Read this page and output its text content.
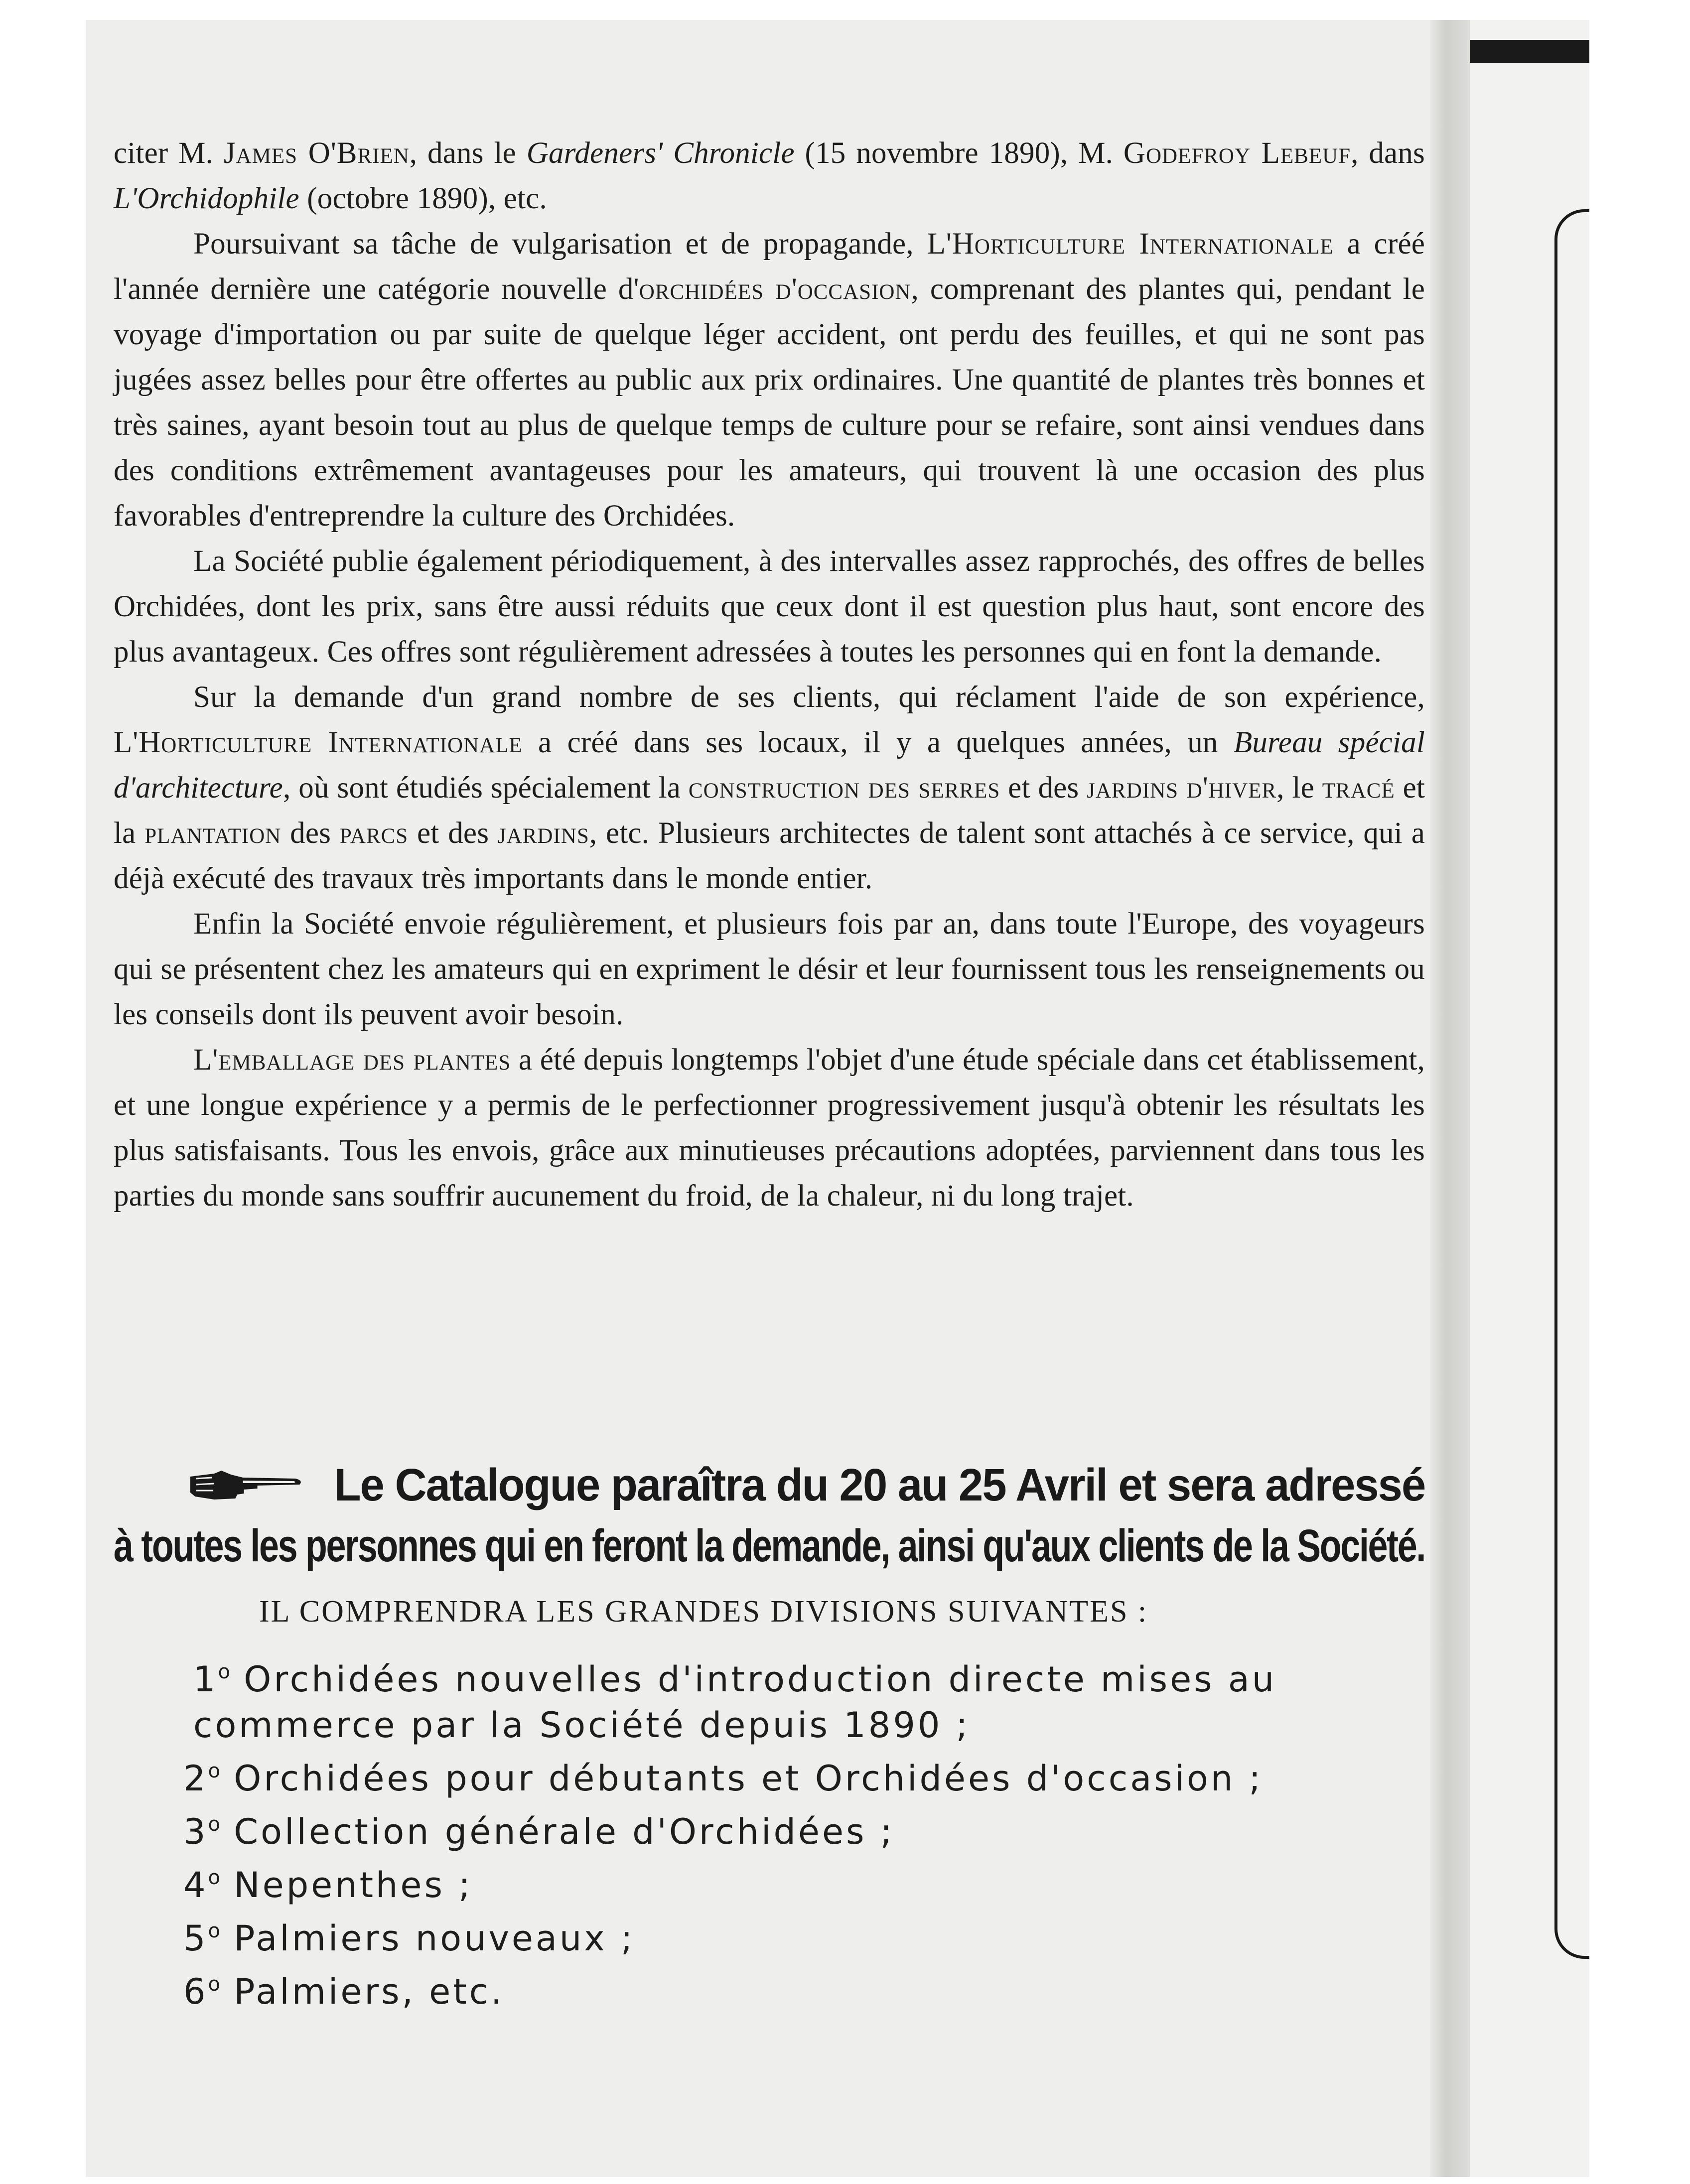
citer M. James O'Brien, dans le Gardeners' Chronicle (15 novembre 1890), M. Godefroy Lebeuf, dans L'Orchidophile (octobre 1890), etc.

Poursuivant sa tâche de vulgarisation et de propagande, L'Horticulture Internationale a créé l'année dernière une catégorie nouvelle d'orchidées d'occasion, comprenant des plantes qui, pendant le voyage d'importation ou par suite de quelque léger accident, ont perdu des feuilles, et qui ne sont pas jugées assez belles pour être offertes au public aux prix ordinaires. Une quantité de plantes très bonnes et très saines, ayant besoin tout au plus de quelque temps de culture pour se refaire, sont ainsi vendues dans des conditions extrêmement avantageuses pour les amateurs, qui trouvent là une occasion des plus favorables d'entreprendre la culture des Orchidées.

La Société publie également périodiquement, à des intervalles assez rapprochés, des offres de belles Orchidées, dont les prix, sans être aussi réduits que ceux dont il est question plus haut, sont encore des plus avantageux. Ces offres sont régulièrement adressées à toutes les personnes qui en font la demande.

Sur la demande d'un grand nombre de ses clients, qui réclament l'aide de son expérience, L'Horticulture Internationale a créé dans ses locaux, il y a quelques années, un Bureau spécial d'architecture, où sont étudiés spécialement la construction des serres et des jardins d'hiver, le tracé et la plantation des parcs et des jardins, etc. Plusieurs architectes de talent sont attachés à ce service, qui a déjà exécuté des travaux très importants dans le monde entier.

Enfin la Société envoie régulièrement, et plusieurs fois par an, dans toute l'Europe, des voyageurs qui se présentent chez les amateurs qui en expriment le désir et leur fournissent tous les renseignements ou les conseils dont ils peuvent avoir besoin.

L'emballage des plantes a été depuis longtemps l'objet d'une étude spéciale dans cet établissement, et une longue expérience y a permis de le perfectionner progressivement jusqu'à obtenir les résultats les plus satisfaisants. Tous les envois, grâce aux minutieuses précautions adoptées, parviennent dans tous les parties du monde sans souffrir aucunement du froid, de la chaleur, ni du long trajet.

Le Catalogue paraîtra du 20 au 25 Avril et sera adressé
à toutes les personnes qui en feront la demande, ainsi qu'aux clients de la Société.
IL COMPRENDRA LES GRANDES DIVISIONS SUIVANTES :
1$^o$ Orchidées nouvelles d'introduction directe mises au commerce par la Société depuis 1890 ;
2$^o$ Orchidées pour débutants et Orchidées d'occasion ;
3$^o$ Collection générale d'Orchidées ;
4$^o$ Nepenthes ;
5$^o$ Palmiers nouveaux ;
6$^o$ Palmiers, etc.
